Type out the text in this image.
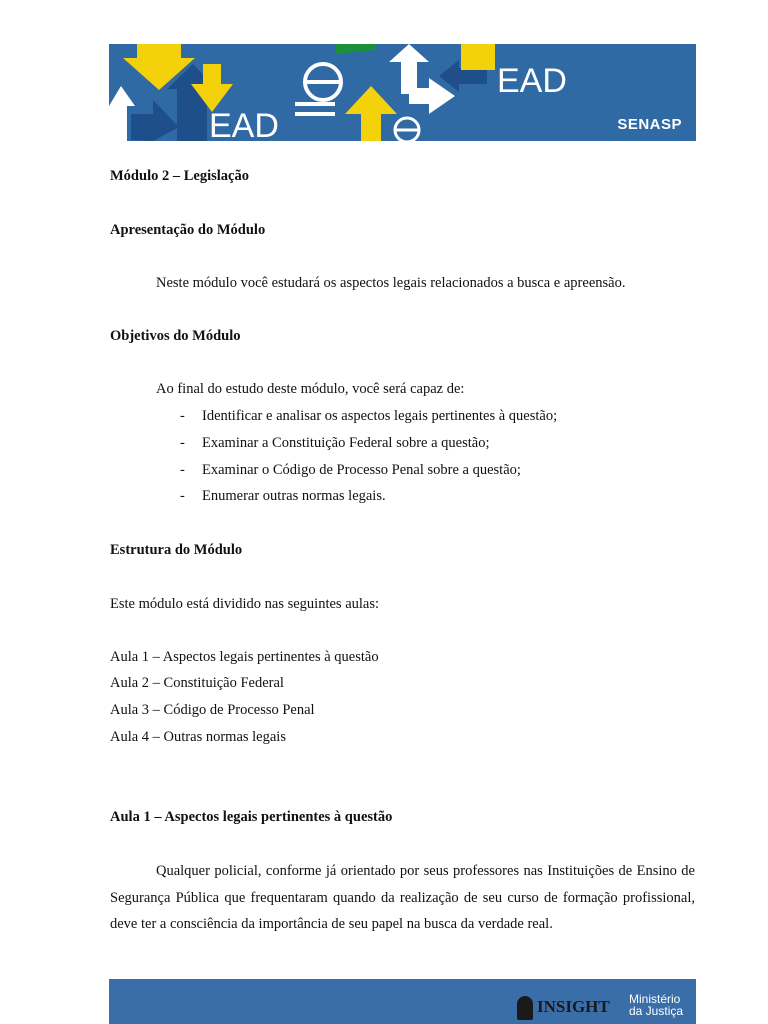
EAD
EAD
SENASP
Módulo 2 – Legislação
Apresentação do Módulo
Neste módulo você estudará os aspectos legais relacionados a busca e apreensão.
Objetivos do Módulo
Ao final do estudo deste módulo, você será capaz de:
- Identificar e analisar os aspectos legais pertinentes à questão;
- Examinar a Constituição Federal sobre a questão;
- Examinar o Código de Processo Penal sobre a questão;
- Enumerar outras normas legais.
Estrutura do Módulo
Este módulo está dividido nas seguintes aulas:
Aula 1 – Aspectos legais pertinentes à questão
Aula 2 – Constituição Federal
Aula 3 – Código de Processo Penal
Aula 4 – Outras normas legais
Aula 1 – Aspectos legais pertinentes à questão
Qualquer policial, conforme já orientado por seus professores nas Instituições de Ensino de Segurança Pública que frequentaram quando da realização de seu curso de formação profissional, deve ter a consciência da importância de seu papel na busca da verdade real.
INSIGHT Ministério
da Justiça
